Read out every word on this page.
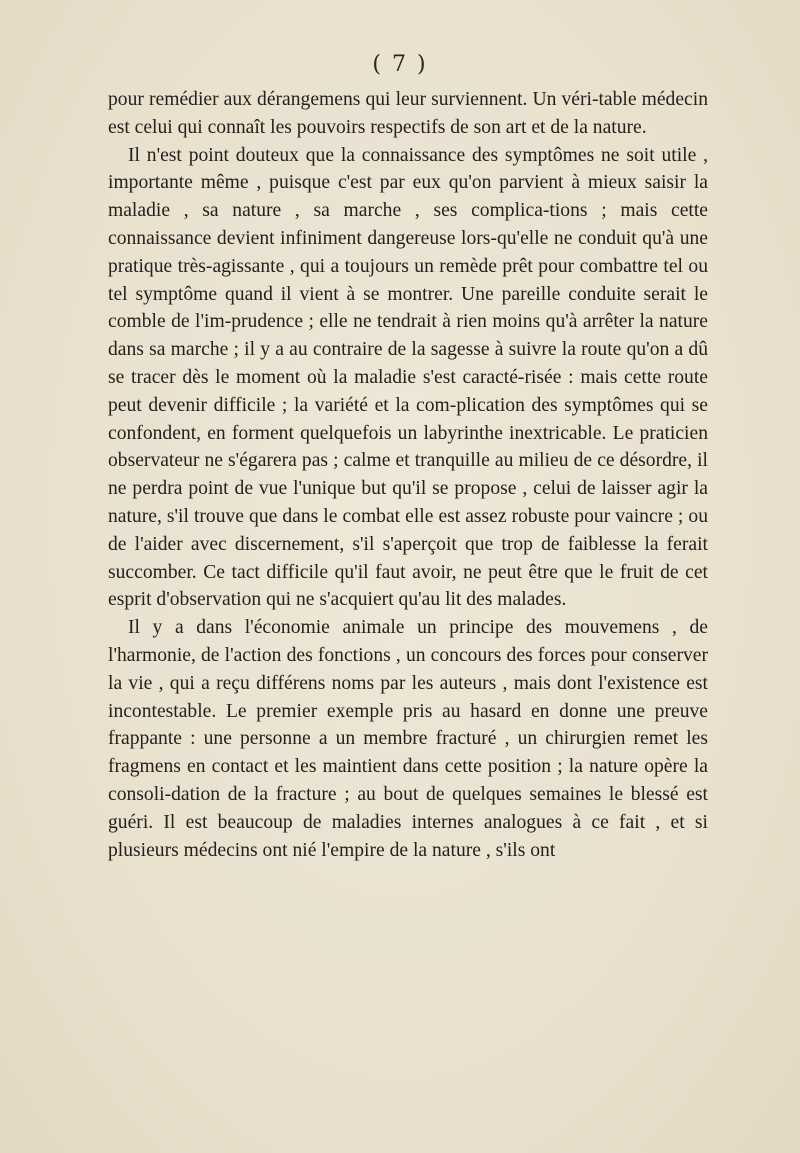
( 7 )

pour remédier aux dérangemens qui leur surviennent. Un véri-table médecin est celui qui connaît les pouvoirs respectifs de son art et de la nature.

Il n'est point douteux que la connaissance des symptômes ne soit utile , importante même , puisque c'est par eux qu'on parvient à mieux saisir la maladie , sa nature , sa marche , ses complica-tions ; mais cette connaissance devient infiniment dangereuse lors-qu'elle ne conduit qu'à une pratique très-agissante , qui a toujours un remède prêt pour combattre tel ou tel symptôme quand il vient à se montrer. Une pareille conduite serait le comble de l'im-prudence ; elle ne tendrait à rien moins qu'à arrêter la nature dans sa marche ; il y a au contraire de la sagesse à suivre la route qu'on a dû se tracer dès le moment où la maladie s'est caracté-risée : mais cette route peut devenir difficile ; la variété et la com-plication des symptômes qui se confondent, en forment quelquefois un labyrinthe inextricable. Le praticien observateur ne s'égarera pas ; calme et tranquille au milieu de ce désordre, il ne perdra point de vue l'unique but qu'il se propose , celui de laisser agir la nature, s'il trouve que dans le combat elle est assez robuste pour vaincre ; ou de l'aider avec discernement, s'il s'aperçoit que trop de faiblesse la ferait succomber. Ce tact difficile qu'il faut avoir, ne peut être que le fruit de cet esprit d'observation qui ne s'acquiert qu'au lit des malades.

Il y a dans l'économie animale un principe des mouvemens , de l'harmonie, de l'action des fonctions , un concours des forces pour conserver la vie , qui a reçu différens noms par les auteurs , mais dont l'existence est incontestable. Le premier exemple pris au hasard en donne une preuve frappante : une personne a un membre fracturé , un chirurgien remet les fragmens en contact et les maintient dans cette position ; la nature opère la consoli-dation de la fracture ; au bout de quelques semaines le blessé est guéri. Il est beaucoup de maladies internes analogues à ce fait , et si plusieurs médecins ont nié l'empire de la nature , s'ils ont
